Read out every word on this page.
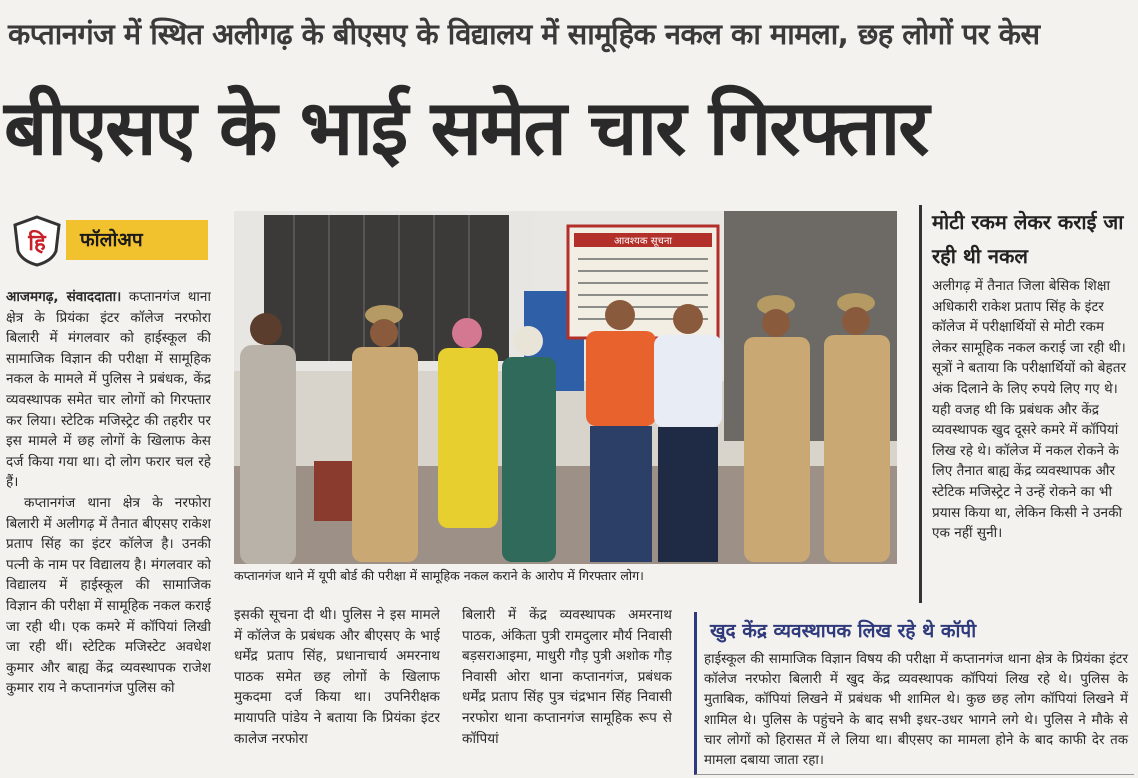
कप्तानगंज में स्थित अलीगढ़ के बीएसए के विद्यालय में सामूहिक नकल का मामला, छह लोगों पर केस
बीएसए के भाई समेत चार गिरफ्तार
हि	फॉलोअप

आजमगढ़, संवाददाता। कप्तानगंज थाना क्षेत्र के प्रियंका इंटर कॉलेज नरफोरा बिलारी में मंगलवार को हाईस्कूल की सामाजिक विज्ञान की परीक्षा में सामूहिक नकल के मामले में पुलिस ने प्रबंधक, केंद्र व्यवस्थापक समेत चार लोगों को गिरफ्तार कर लिया। स्टेटिक मजिस्ट्रेट की तहरीर पर इस मामले में छह लोगों के खिलाफ केस दर्ज किया गया था। दो लोग फरार चल रहे हैं।

कप्तानगंज थाना क्षेत्र के नरफोरा बिलारी में अलीगढ़ में तैनात बीएसए राकेश प्रताप सिंह का इंटर कॉलेज है। उनकी पत्नी के नाम पर विद्यालय है। मंगलवार को विद्यालय में हाईस्कूल की सामाजिक विज्ञान की परीक्षा में सामूहिक नकल कराई जा रही थी। एक कमरे में कॉपियां लिखी जा रही थीं। स्टेटिक मजिस्टेट अवधेश कुमार और बाह्य केंद्र व्यवस्थापक राजेश कुमार राय ने कप्तानगंज पुलिस को

आवश्यक सूचना
कप्तानगंज थाने में यूपी बोर्ड की परीक्षा में सामूहिक नकल कराने के आरोप में गिरफ्तार लोग।

इसकी सूचना दी थी। पुलिस ने इस मामले में कॉलेज के प्रबंधक और बीएसए के भाई धर्मेंद्र प्रताप सिंह, प्रधानाचार्य अमरनाथ पाठक समेत छह लोगों के खिलाफ मुकदमा दर्ज किया था। उपनिरीक्षक मायापति पांडेय ने बताया कि प्रियंका इंटर कालेज नरफोरा

बिलारी में केंद्र व्यवस्थापक अमरनाथ पाठक, अंकिता पुत्री रामदुलार मौर्य निवासी बड़सराआइमा, माधुरी गौड़ पुत्री अशोक गौड़ निवासी ओरा थाना कप्तानगंज, प्रबंधक धर्मेंद्र प्रताप सिंह पुत्र चंद्रभान सिंह निवासी नरफोरा थाना कप्तानगंज सामूहिक रूप से कॉपियां

मोटी रकम लेकर कराई जा रही थी नकल

अलीगढ़ में तैनात जिला बेसिक शिक्षा अधिकारी राकेश प्रताप सिंह के इंटर कॉलेज में परीक्षार्थियों से मोटी रकम लेकर सामूहिक नकल कराई जा रही थी। सूत्रों ने बताया कि परीक्षार्थियों को बेहतर अंक दिलाने के लिए रुपये लिए गए थे। यही वजह थी कि प्रबंधक और केंद्र व्यवस्थापक खुद दूसरे कमरे में कॉपियां लिख रहे थे। कॉलेज में नकल रोकने के लिए तैनात बाह्य केंद्र व्यवस्थापक और स्टेटिक मजिस्ट्रेट ने उन्हें रोकने का भी प्रयास किया था, लेकिन किसी ने उनकी एक नहीं सुनी।

खुद केंद्र व्यवस्थापक लिख रहे थे कॉपी

हाईस्कूल की सामाजिक विज्ञान विषय की परीक्षा में कप्तानगंज थाना क्षेत्र के प्रियंका इंटर कॉलेज नरफोरा बिलारी में खुद केंद्र व्यवस्थापक कॉपियां लिख रहे थे। पुलिस के मुताबिक, कॉपियां लिखने में प्रबंधक भी शामिल थे। कुछ छह लोग कॉपियां लिखने में शामिल थे। पुलिस के पहुंचने के बाद सभी इधर-उधर भागने लगे थे। पुलिस ने मौके से चार लोगों को हिरासत में ले लिया था। बीएसए का मामला होने के बाद काफी देर तक मामला दबाया जाता रहा।
